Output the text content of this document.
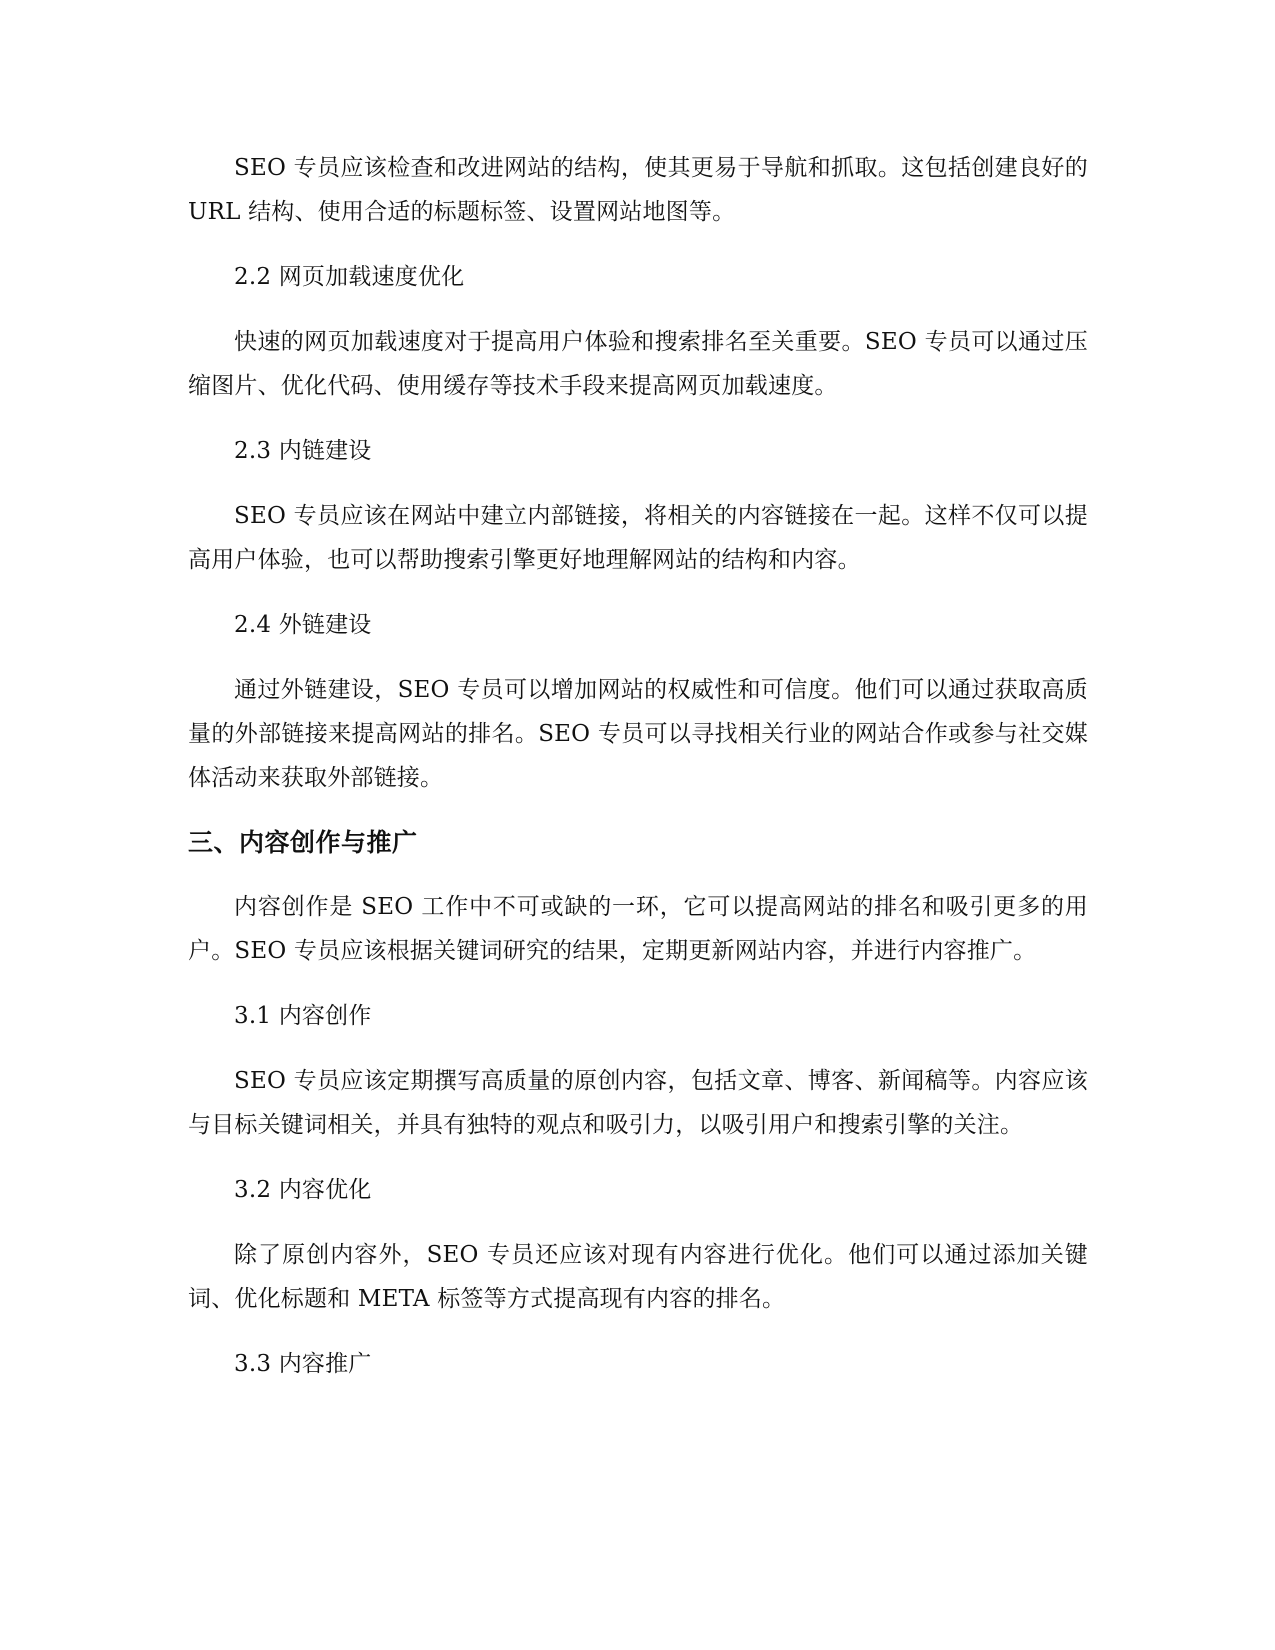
SEO 专员应该检查和改进网站的结构，使其更易于导航和抓取。这包括创建良好的 URL 结构、使用合适的标题标签、设置网站地图等。

2.2 网页加载速度优化

快速的网页加载速度对于提高用户体验和搜索排名至关重要。SEO 专员可以通过压缩图片、优化代码、使用缓存等技术手段来提高网页加载速度。

2.3 内链建设

SEO 专员应该在网站中建立内部链接，将相关的内容链接在一起。这样不仅可以提高用户体验，也可以帮助搜索引擎更好地理解网站的结构和内容。

2.4 外链建设

通过外链建设，SEO 专员可以增加网站的权威性和可信度。他们可以通过获取高质量的外部链接来提高网站的排名。SEO 专员可以寻找相关行业的网站合作或参与社交媒体活动来获取外部链接。

三、内容创作与推广

内容创作是 SEO 工作中不可或缺的一环，它可以提高网站的排名和吸引更多的用户。SEO 专员应该根据关键词研究的结果，定期更新网站内容，并进行内容推广。

3.1 内容创作

SEO 专员应该定期撰写高质量的原创内容，包括文章、博客、新闻稿等。内容应该与目标关键词相关，并具有独特的观点和吸引力，以吸引用户和搜索引擎的关注。

3.2 内容优化

除了原创内容外，SEO 专员还应该对现有内容进行优化。他们可以通过添加关键词、优化标题和 META 标签等方式提高现有内容的排名。

3.3 内容推广
